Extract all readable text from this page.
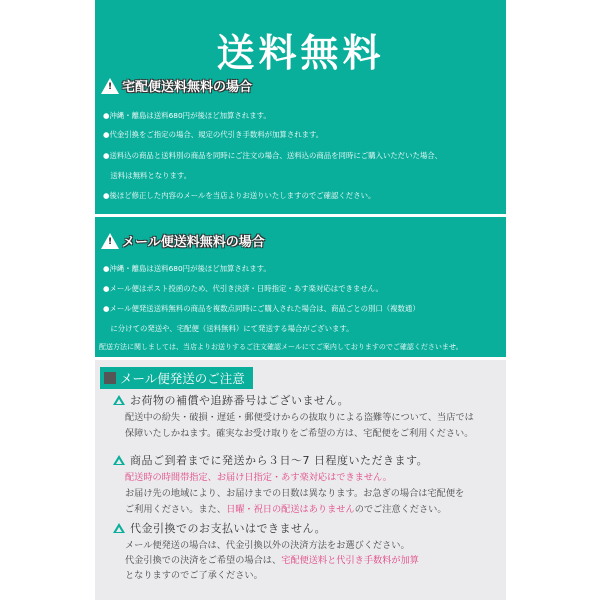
送料無料
! 宅配便送料無料の場合
●沖縄・離島は送料680円が後ほど加算されます。
●代金引換をご指定の場合、規定の代引き手数料が加算されます。
●送料込の商品と送料別の商品を同時にご注文の場合、送料込の商品を同時にご購入いただいた場合、
　送料は無料となります。
●後ほど修正した内容のメールを当店よりお送りいたしますのでご確認ください。
! メール便送料無料の場合
●沖縄・離島は送料680円が後ほど加算されます。
●メール便はポスト投函のため、代引き決済・日時指定・あす楽対応はできません。
●メール便発送送料無料の商品を複数点同時にご購入された場合は、商品ごとの別口（複数通）
　に分けての発送や、宅配便（送料無料）にて発送する場合がございます。
配送方法に関しましては、当店よりお送りするご注文確認メールにてご案内しておりますのでご確認くださいませ。
メール便発送のご注意
お荷物の補償や追跡番号はございません。
配送中の紛失・破損・遅延・郵便受けからの抜取りによる盗難等について、当店では
保障いたしかねます。確実なお受け取りをご希望の方は、宅配便をご利用ください。
商品ご到着までに発送から３日～7 日程度いただきます。
配送時の時間帯指定、お届け日指定・あす楽対応はできません。
お届け先の地域により、お届けまでの日数は異なります。お急ぎの場合は宅配便を
ご利用ください。また、日曜・祝日の配送はありませんのでご注意ください。
代金引換でのお支払いはできません。
メール便発送の場合は、代金引換以外の決済方法をお選びください。
代金引換での決済をご希望の場合は、宅配便送料と代引き手数料が加算
となりますのでご了承ください。
